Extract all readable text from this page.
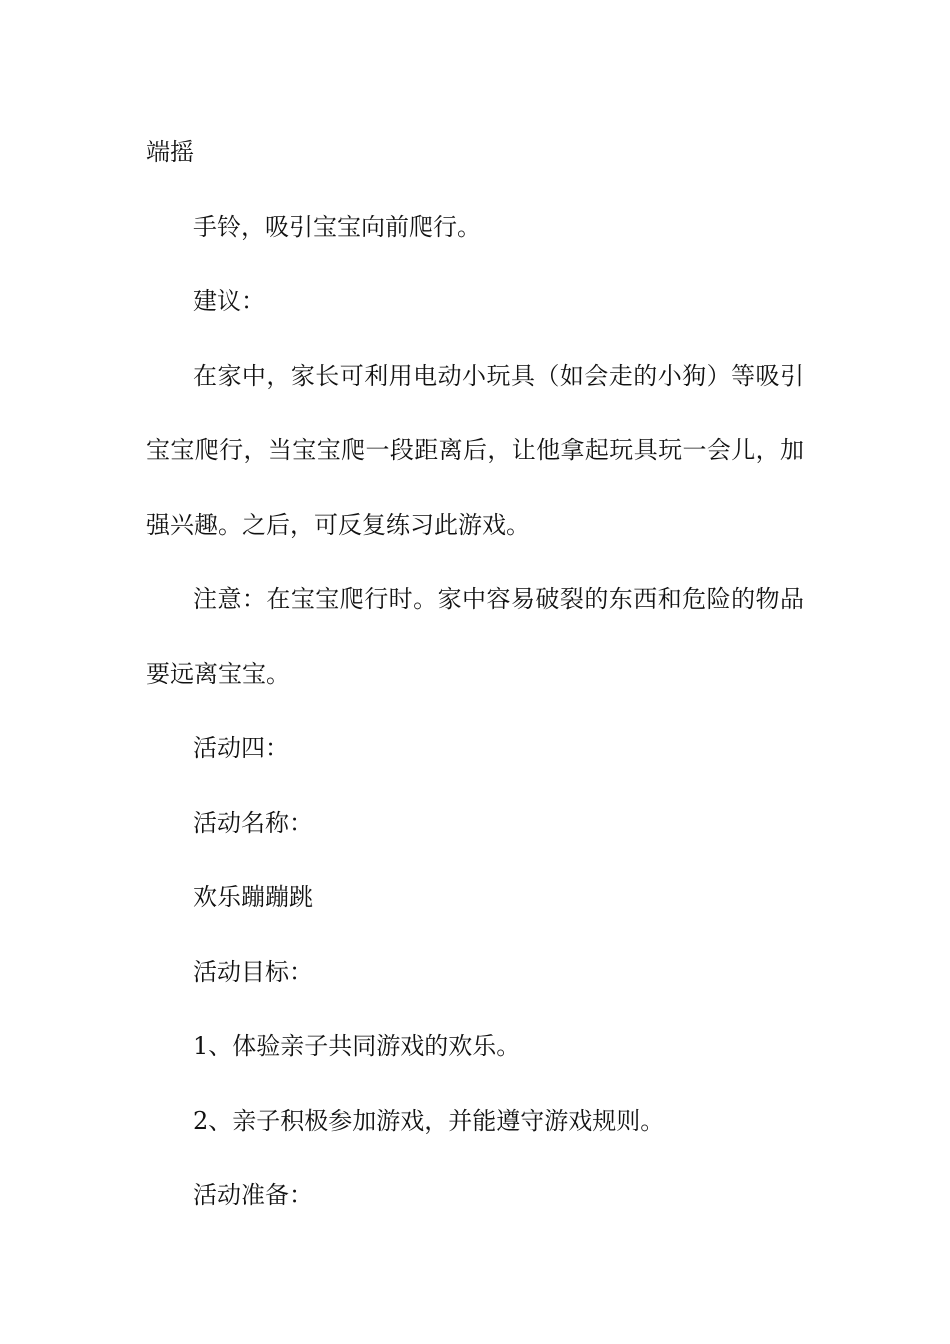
端摇

手铃，吸引宝宝向前爬行。

建议：

在家中，家长可利用电动小玩具（如会走的小狗）等吸引

宝宝爬行，当宝宝爬一段距离后，让他拿起玩具玩一会儿，加

强兴趣。之后，可反复练习此游戏。

注意：在宝宝爬行时。家中容易破裂的东西和危险的物品

要远离宝宝。

活动四：

活动名称：

欢乐蹦蹦跳

活动目标：

1、体验亲子共同游戏的欢乐。

2、亲子积极参加游戏，并能遵守游戏规则。

活动准备：
